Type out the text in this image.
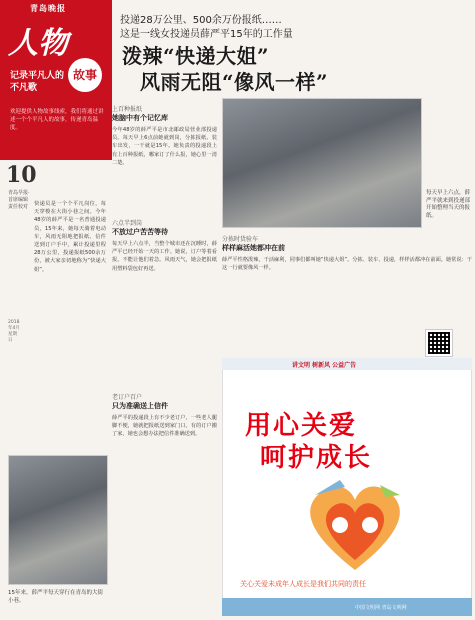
青岛晚报
人物
故事
记录平凡人的不凡歌
欢迎提供人物故事线索，我们将通过讲述一个个平凡人的故事，传递青岛温度。
投递28万公里、500余万份报纸……
这是一线女投递员薛严平15年的工作量
泼辣“快递大姐”
风雨无阻“像风一样”
10
青岛早报·首席编辑 责任校对
2018年4月 星期日
快递员是一个个平凡岗位，每天穿梭在大街小巷之间。今年48岁的薛严平是一名普通投递员，15年来，她每天骑着电动车，风雨无阻地把报纸、信件送到订户手中，累计投递里程28万公里，投递报纸500余万份，被大家亲切地称为“快递大姐”。
15年来，薛严平每天穿行在青岛的大街小巷。
上百种报纸
她脑中有个记忆库
今年48岁的薛严平是市北邮政局营业部投递员。每天早上6点前她就到岗，分拣报纸、装车出发，一干就是15年。她负责的投递段上有上百种报纸，哪家订了什么报，她心里一清二楚。
六点半到岗
不放过户苦苦等待
每天早上六点半，当整个城市还在沉睡时，薛严平已经开始一天的工作。她说，订户等着看报，不能让他们着急。风雨天气，她会把报纸用塑料袋包好再送。
老订户百户
只为准确送上信件
薛严平的投递段上有不少老订户，一些老人腿脚不便，她就把报纸送到家门口。有的订户搬了家，她也会想办法把信件准确送到。
每天早上六点，薛严平就来到投递部开始整理当天的报纸。
分拣时货验车
样样麻活她都冲在前
薛严平性格泼辣，干活麻利，同事们都叫她“快递大姐”。分拣、装车、投递，样样活都冲在前面。她常说：干这一行就要像风一样。
讲文明 树新风 公益广告
用心关爱
呵护成长
关心关爱未成年人成长是我们共同的责任
中国文明网 青岛文明网
